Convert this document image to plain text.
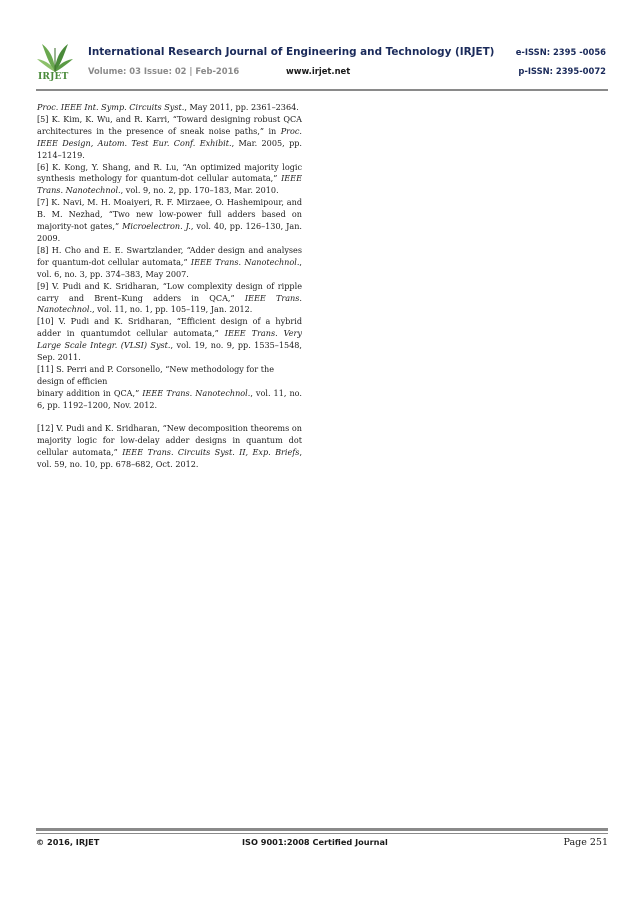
IRJET
International Research Journal of Engineering and Technology (IRJET)	e-ISSN: 2395 -0056
Volume: 03 Issue: 02 | Feb-2016	www.irjet.net	p-ISSN: 2395-0072

Proc. IEEE Int. Symp. Circuits Syst., May 2011, pp. 2361–2364.

[5] K. Kim, K. Wu, and R. Karri, “Toward designing robust QCA architectures in the presence of sneak noise paths,” in Proc. IEEE Design, Autom. Test Eur. Conf. Exhibit., Mar. 2005, pp. 1214–1219.

[6] K. Kong, Y. Shang, and R. Lu, “An optimized majority logic synthesis methology for quantum-dot cellular automata,” IEEE Trans. Nanotechnol., vol. 9, no. 2, pp. 170–183, Mar. 2010.

[7] K. Navi, M. H. Moaiyeri, R. F. Mirzaee, O. Hashemipour, and B. M. Nezhad, “Two new low-power full adders based on majority-not gates,” Microelectron. J., vol. 40, pp. 126–130, Jan. 2009.

[8] H. Cho and E. E. Swartzlander, “Adder design and analyses for quantum-dot cellular automata,” IEEE Trans. Nanotechnol., vol. 6, no. 3, pp. 374–383, May 2007.

[9] V. Pudi and K. Sridharan, “Low complexity design of ripple carry and Brent–Kung adders in QCA,” IEEE Trans. Nanotechnol., vol. 11, no. 1, pp. 105–119, Jan. 2012.

[10] V. Pudi and K. Sridharan, “Efficient design of a hybrid adder in quantumdot cellular automata,” IEEE Trans. Very Large Scale Integr. (VLSI) Syst., vol. 19, no. 9, pp. 1535–1548, Sep. 2011.

[11] S. Perri and P. Corsonello, “New methodology for the design of efficien

binary addition in QCA,” IEEE Trans. Nanotechnol., vol. 11, no. 6, pp. 1192–1200, Nov. 2012.

[12] V. Pudi and K. Sridharan, “New decomposition theorems on majority logic for low-delay adder designs in quantum dot cellular automata,” IEEE Trans. Circuits Syst. II, Exp. Briefs, vol. 59, no. 10, pp. 678–682, Oct. 2012.

© 2016, IRJET	ISO 9001:2008 Certified Journal	Page 251
